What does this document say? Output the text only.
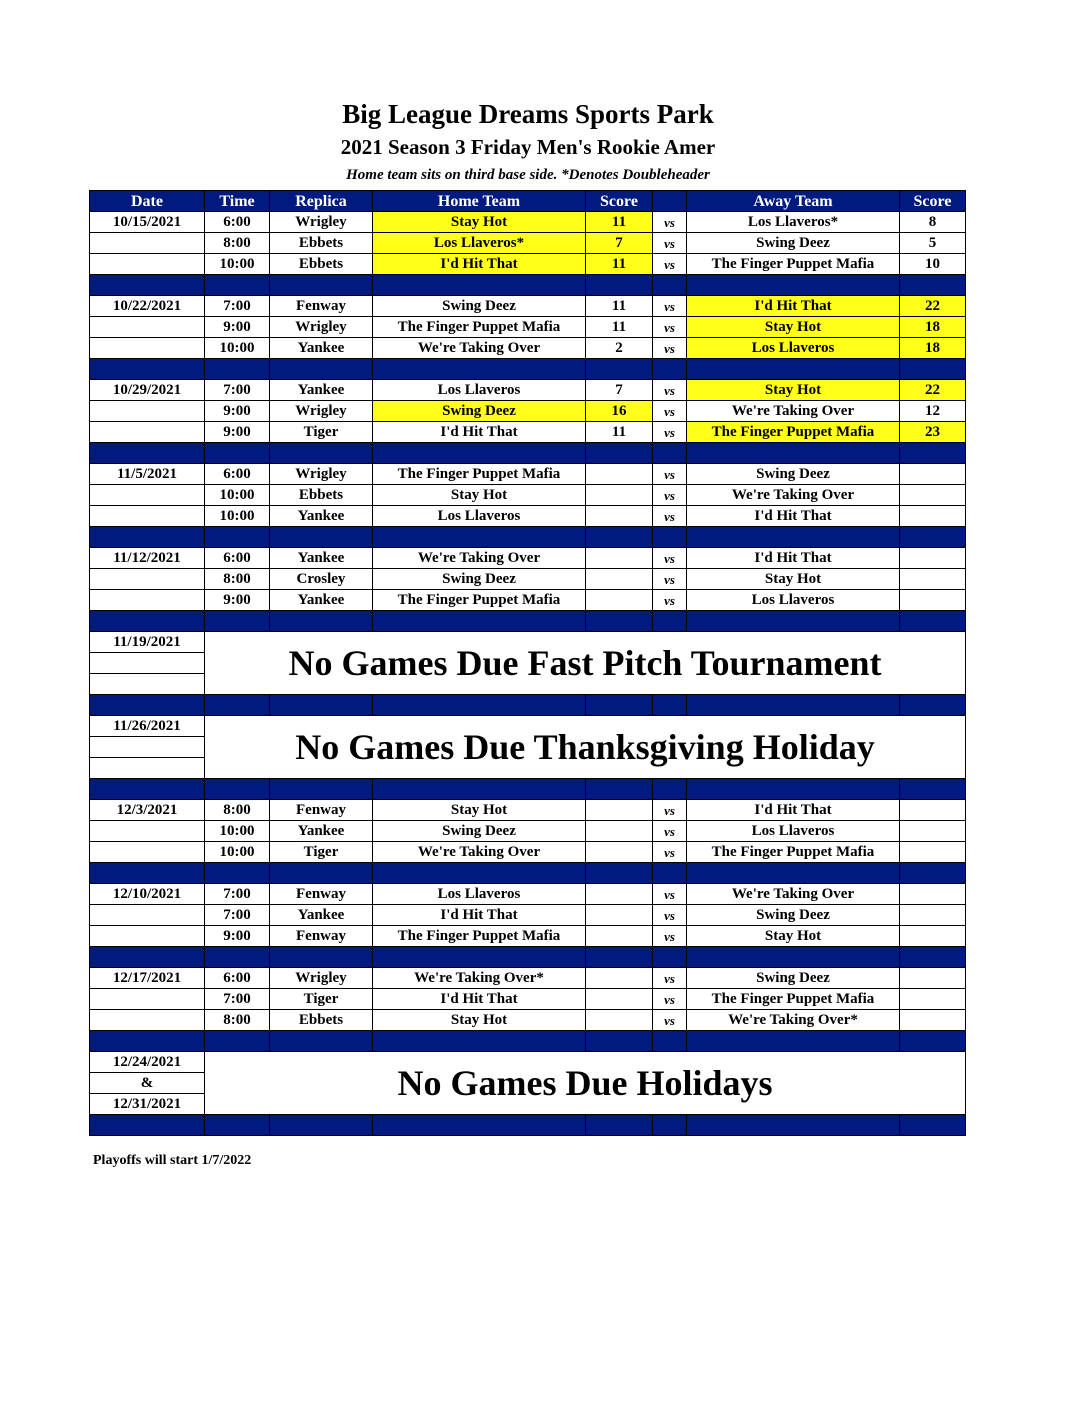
Big League Dreams Sports Park
2021 Season 3 Friday Men's Rookie Amer
Home team sits on third base side. *Denotes Doubleheader
Date	Time	Replica	Home Team	Score		Away Team	Score
10/15/2021	6:00	Wrigley	Stay Hot	11	vs	Los Llaveros*	8
	8:00	Ebbets	Los Llaveros*	7	vs	Swing Deez	5
	10:00	Ebbets	I'd Hit That	11	vs	The Finger Puppet Mafia	10

10/22/2021	7:00	Fenway	Swing Deez	11	vs	I'd Hit That	22
	9:00	Wrigley	The Finger Puppet Mafia	11	vs	Stay Hot	18
	10:00	Yankee	We're Taking Over	2	vs	Los Llaveros	18

10/29/2021	7:00	Yankee	Los Llaveros	7	vs	Stay Hot	22
	9:00	Wrigley	Swing Deez	16	vs	We're Taking Over	12
	9:00	Tiger	I'd Hit That	11	vs	The Finger Puppet Mafia	23

11/5/2021	6:00	Wrigley	The Finger Puppet Mafia		vs	Swing Deez	
	10:00	Ebbets	Stay Hot		vs	We're Taking Over	
	10:00	Yankee	Los Llaveros		vs	I'd Hit That	

11/12/2021	6:00	Yankee	We're Taking Over		vs	I'd Hit That	
	8:00	Crosley	Swing Deez		vs	Stay Hot	
	9:00	Yankee	The Finger Puppet Mafia		vs	Los Llaveros	

11/19/2021	No Games Due Fast Pitch Tournament						

11/26/2021	No Games Due Thanksgiving Holiday						

12/3/2021	8:00	Fenway	Stay Hot		vs	I'd Hit That	
	10:00	Yankee	Swing Deez		vs	Los Llaveros	
	10:00	Tiger	We're Taking Over		vs	The Finger Puppet Mafia	

12/10/2021	7:00	Fenway	Los Llaveros		vs	We're Taking Over	
	7:00	Yankee	I'd Hit That		vs	Swing Deez	
	9:00	Fenway	The Finger Puppet Mafia		vs	Stay Hot	

12/17/2021	6:00	Wrigley	We're Taking Over*		vs	Swing Deez	
	7:00	Tiger	I'd Hit That		vs	The Finger Puppet Mafia	
	8:00	Ebbets	Stay Hot		vs	We're Taking Over*	

12/24/2021	No Games Due Holidays						
&							
12/31/2021							

Playoffs will start 1/7/2022
